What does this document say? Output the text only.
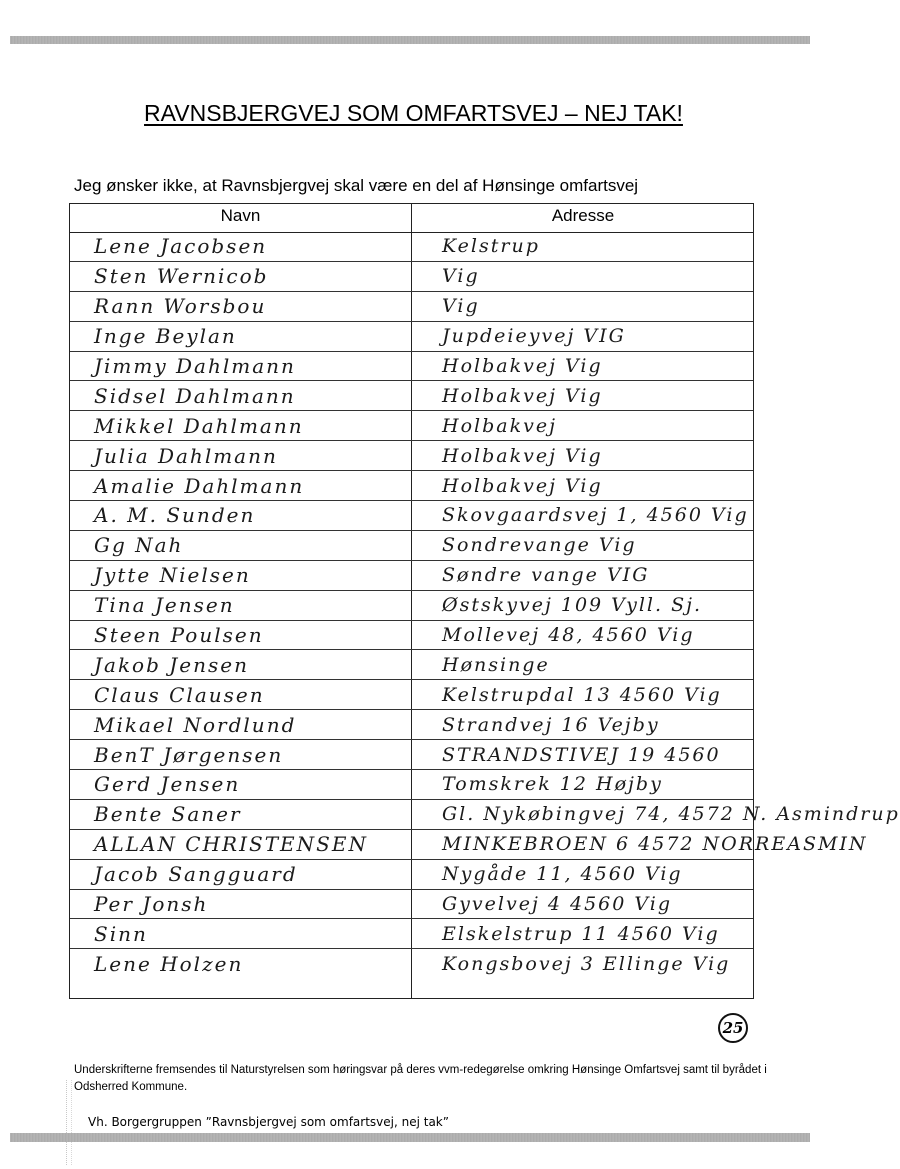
RAVNSBJERGVEJ SOM OMFARTSVEJ – NEJ TAK!

Jeg ønsker ikke, at Ravnsbjergvej skal være en del af Hønsinge omfartsvej

Navn	Adresse
Lene Jacobsen	Kelstrup
Sten Wernicob	Vig
Rann Worsbou	Vig
Inge Beylan	Jupdeieyvej VIG
Jimmy Dahlmann	Holbakvej Vig
Sidsel Dahlmann	Holbakvej Vig
Mikkel Dahlmann	Holbakvej
Julia Dahlmann	Holbakvej Vig
Amalie Dahlmann	Holbakvej Vig
A. M. Sunden	Skovgaardsvej 1, 4560 Vig
Gg Nah	Sondrevange Vig
Jytte Nielsen	Søndre vange VIG
Tina Jensen	Østskyvej 109 Vyll. Sj.
Steen Poulsen	Mollevej 48, 4560 Vig
Jakob Jensen	Hønsinge
Claus Clausen	Kelstrupdal 13 4560 Vig
Mikael Nordlund	Strandvej 16 Vejby
BenT Jørgensen	STRANDSTIVEJ 19 4560
Gerd Jensen	Tomskrek 12 Højby
Bente Saner	Gl. Nykøbingvej 74, 4572 N. Asmindrup
ALLAN CHRISTENSEN	MINKEBROEN 6 4572 NORREASMIN
Jacob Sangguard	Nygåde 11, 4560 Vig
Per Jonsh	Gyvelvej 4 4560 Vig
Sinn	Elskelstrup 11 4560 Vig
Lene Holzen	Kongsbovej 3 Ellinge Vig
25

Underskrifterne fremsendes til Naturstyrelsen som høringsvar på deres vvm-redegørelse omkring Hønsinge Omfartsvej samt til byrådet i Odsherred Kommune.

Vh. Borgergruppen ”Ravnsbjergvej som omfartsvej, nej tak”
